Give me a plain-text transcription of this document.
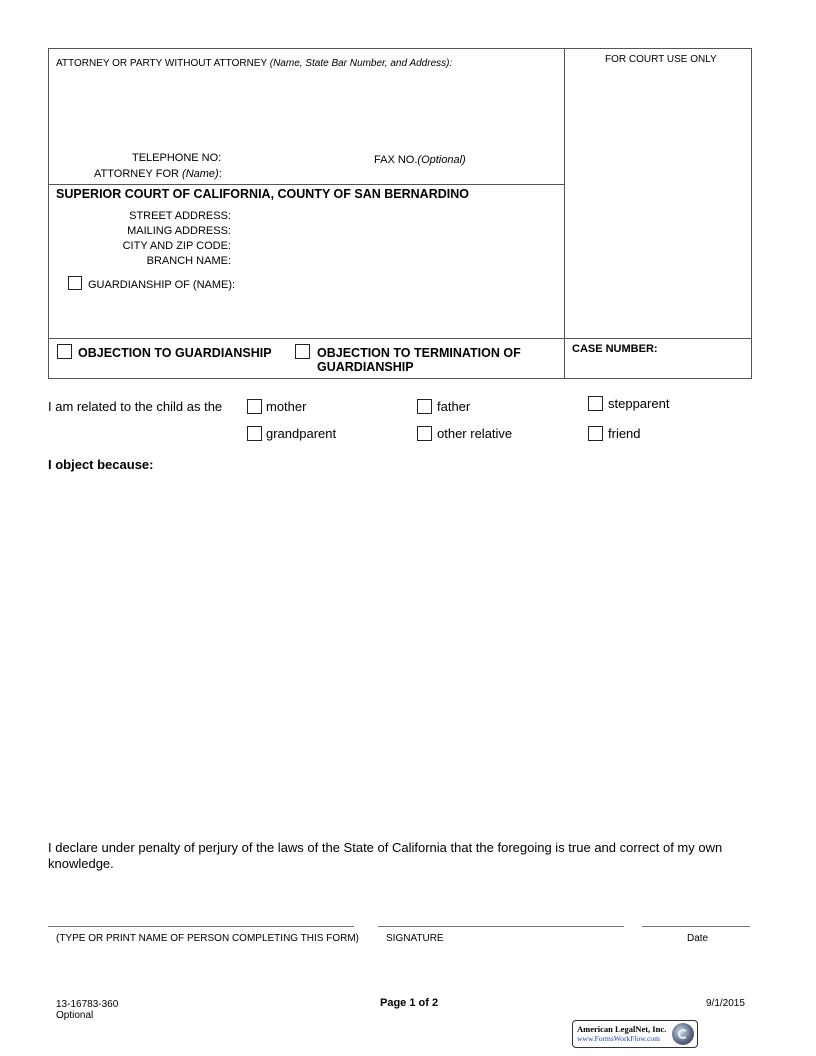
ATTORNEY OR PARTY WITHOUT ATTORNEY (Name, State Bar Number, and Address):	FOR COURT USE ONLY
TELEPHONE NO:	FAX NO.(Optional)
ATTORNEY FOR (Name):
SUPERIOR COURT OF CALIFORNIA, COUNTY OF SAN BERNARDINO
STREET ADDRESS:
MAILING ADDRESS:
CITY AND ZIP CODE:
BRANCH NAME:
GUARDIANSHIP OF (NAME):
OBJECTION TO GUARDIANSHIP	OBJECTION TO TERMINATION OF
GUARDIANSHIP
CASE NUMBER:
I am related to the child as the	mother	father	stepparent
grandparent	other relative	friend
I object because:
I declare under penalty of perjury of the laws of the State of California that the foregoing is true and correct of my own
knowledge.
(TYPE OR PRINT NAME OF PERSON COMPLETING THIS FORM)	SIGNATURE	Date
13-16783-360
Optional
Page 1 of 2	9/1/2015
American LegalNet, Inc.
www.FormsWorkFlow.com
